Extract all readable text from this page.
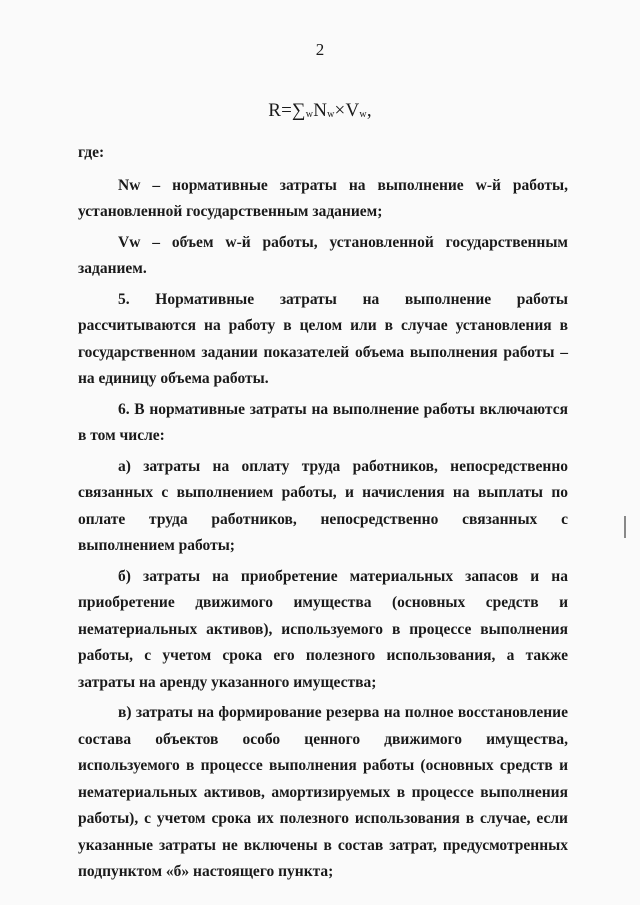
2
$R=\sum_wN_w\times V_w$,

где:

Nw – нормативные затраты на выполнение w-й работы, установленной государственным заданием;

Vw – объем w-й работы, установленной государственным заданием.

5. Нормативные затраты на выполнение работы рассчитываются на работу в целом или в случае установления в государственном задании показателей объема выполнения работы – на единицу объема работы.

6. В нормативные затраты на выполнение работы включаются в том числе:

а) затраты на оплату труда работников, непосредственно связанных с выполнением работы, и начисления на выплаты по оплате труда работников, непосредственно связанных с выполнением работы;

б) затраты на приобретение материальных запасов и на приобретение движимого имущества (основных средств и нематериальных активов), используемого в процессе выполнения работы, с учетом срока его полезного использования, а также затраты на аренду указанного имущества;

в) затраты на формирование резерва на полное восстановление состава объектов особо ценного движимого имущества, используемого в процессе выполнения работы (основных средств и нематериальных активов, амортизируемых в процессе выполнения работы), с учетом срока их полезного использования в случае, если указанные затраты не включены в состав затрат, предусмотренных подпунктом «б» настоящего пункта;
